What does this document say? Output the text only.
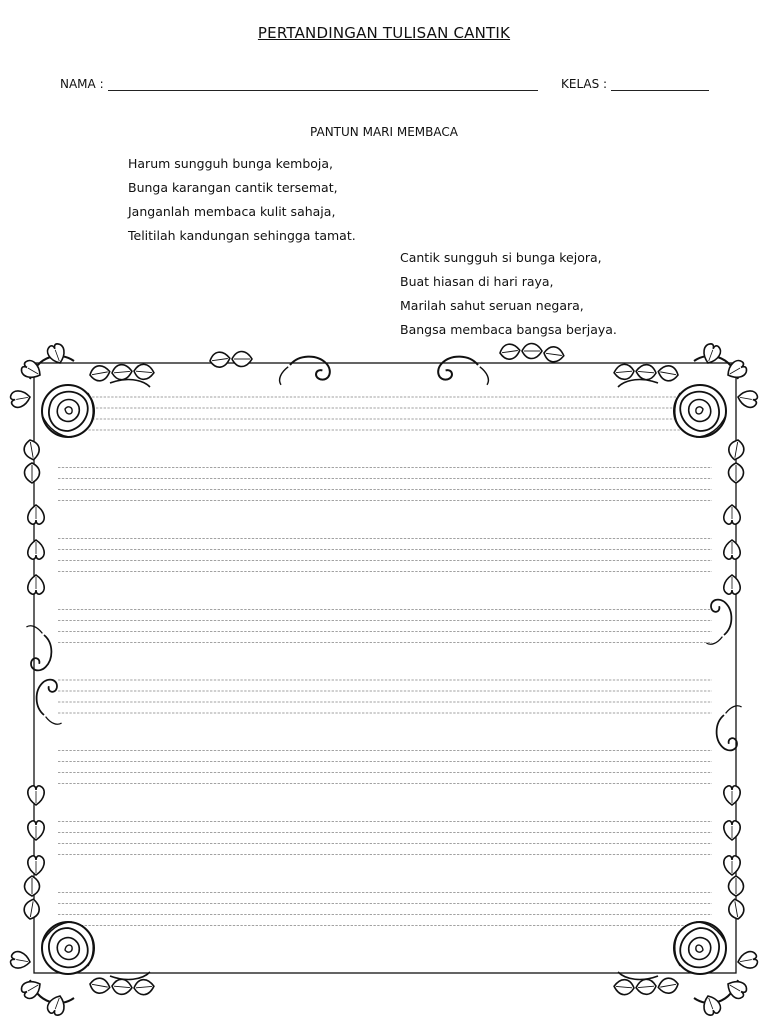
PERTANDINGAN TULISAN CANTIK
NAMA :	KELAS :
PANTUN MARI MEMBACA
Harum sungguh bunga kemboja,
Bunga karangan cantik tersemat,
Janganlah membaca kulit sahaja,
Telitilah kandungan sehingga tamat.
Cantik sungguh si bunga kejora,
Buat hiasan di hari raya,
Marilah sahut seruan negara,
Bangsa membaca bangsa berjaya.
